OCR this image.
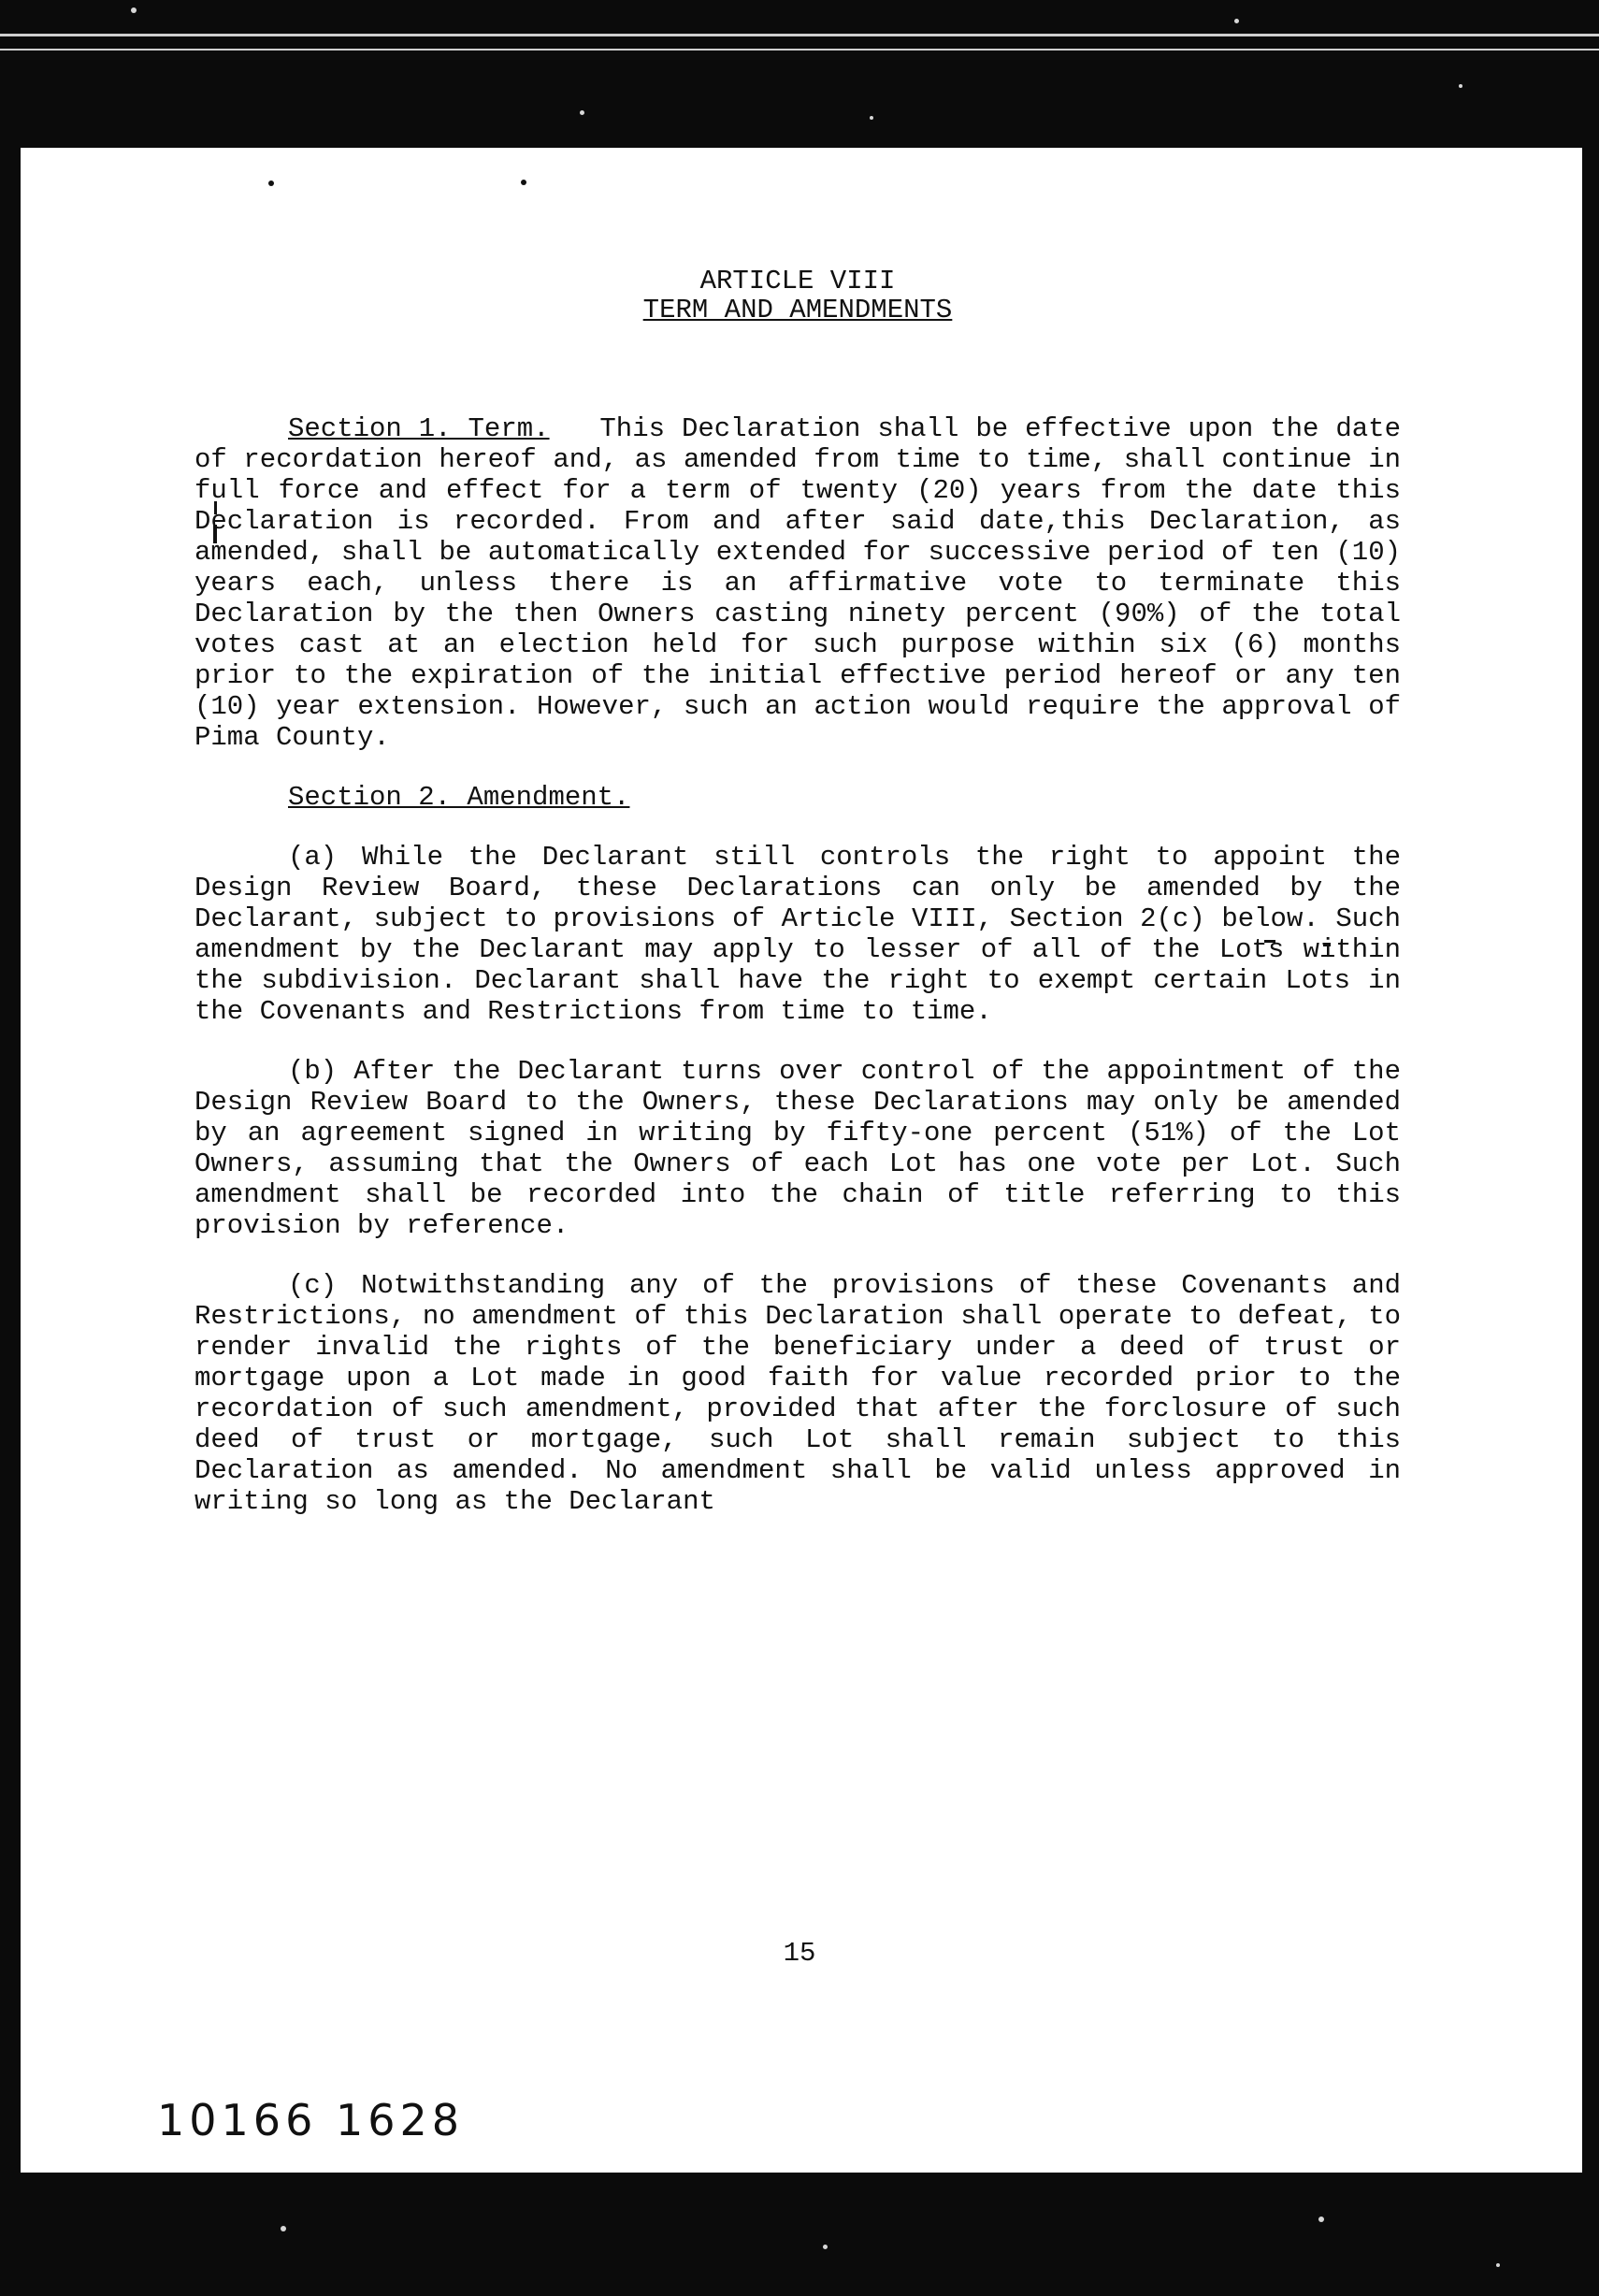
ARTICLE VIII

TERM AND AMENDMENTS

Section 1. Term. This Declaration shall be effective upon the date of recordation hereof and, as amended from time to time, shall continue in full force and effect for a term of twenty (20) years from the date this Declaration is recorded. From and after said date,this Declaration, as amended, shall be automatically extended for successive period of ten (10) years each, unless there is an affirmative vote to terminate this Declaration by the then Owners casting ninety percent (90%) of the total votes cast at an election held for such purpose within six (6) months prior to the expiration of the initial effective period hereof or any ten (10) year extension. However, such an action would require the approval of Pima County.

Section 2. Amendment.

(a) While the Declarant still controls the right to appoint the Design Review Board, these Declarations can only be amended by the Declarant, subject to provisions of Article VIII, Section 2(c) below. Such amendment by the Declarant may apply to lesser of all of the Lots within the subdivision. Declarant shall have the right to exempt certain Lots in the Covenants and Restrictions from time to time.

(b) After the Declarant turns over control of the appointment of the Design Review Board to the Owners, these Declarations may only be amended by an agreement signed in writing by fifty-one percent (51%) of the Lot Owners, assuming that the Owners of each Lot has one vote per Lot. Such amendment shall be recorded into the chain of title referring to this provision by reference.

(c) Notwithstanding any of the provisions of these Covenants and Restrictions, no amendment of this Declaration shall operate to defeat, to render invalid the rights of the beneficiary under a deed of trust or mortgage upon a Lot made in good faith for value recorded prior to the recordation of such amendment, provided that after the forclosure of such deed of trust or mortgage, such Lot shall remain subject to this Declaration as amended. No amendment shall be valid unless approved in writing so long as the Declarant

15
10166 1628
